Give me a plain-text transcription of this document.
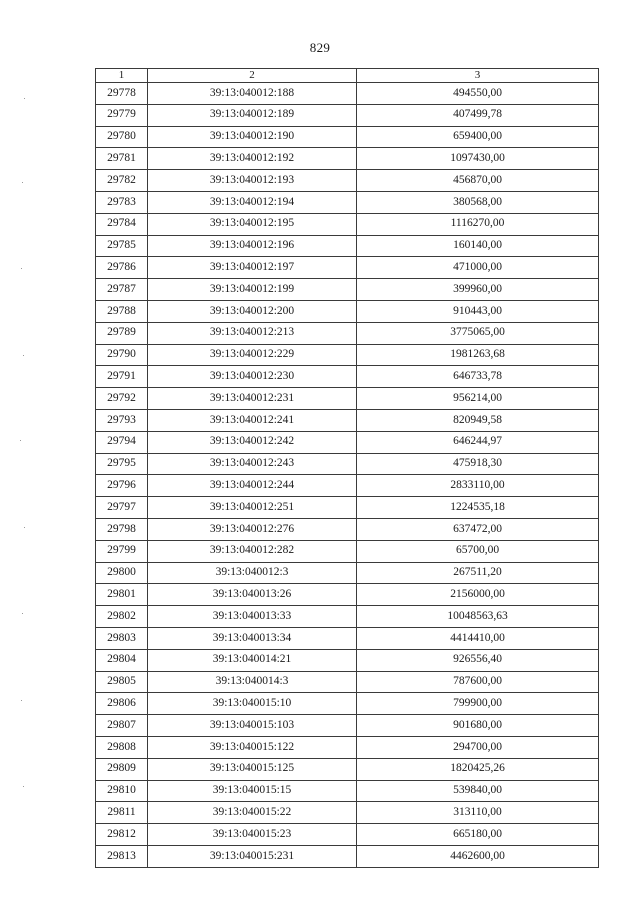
829
1	2	3
29778	39:13:040012:188	494550,00
29779	39:13:040012:189	407499,78
29780	39:13:040012:190	659400,00
29781	39:13:040012:192	1097430,00
29782	39:13:040012:193	456870,00
29783	39:13:040012:194	380568,00
29784	39:13:040012:195	1116270,00
29785	39:13:040012:196	160140,00
29786	39:13:040012:197	471000,00
29787	39:13:040012:199	399960,00
29788	39:13:040012:200	910443,00
29789	39:13:040012:213	3775065,00
29790	39:13:040012:229	1981263,68
29791	39:13:040012:230	646733,78
29792	39:13:040012:231	956214,00
29793	39:13:040012:241	820949,58
29794	39:13:040012:242	646244,97
29795	39:13:040012:243	475918,30
29796	39:13:040012:244	2833110,00
29797	39:13:040012:251	1224535,18
29798	39:13:040012:276	637472,00
29799	39:13:040012:282	65700,00
29800	39:13:040012:3	267511,20
29801	39:13:040013:26	2156000,00
29802	39:13:040013:33	10048563,63
29803	39:13:040013:34	4414410,00
29804	39:13:040014:21	926556,40
29805	39:13:040014:3	787600,00
29806	39:13:040015:10	799900,00
29807	39:13:040015:103	901680,00
29808	39:13:040015:122	294700,00
29809	39:13:040015:125	1820425,26
29810	39:13:040015:15	539840,00
29811	39:13:040015:22	313110,00
29812	39:13:040015:23	665180,00
29813	39:13:040015:231	4462600,00
